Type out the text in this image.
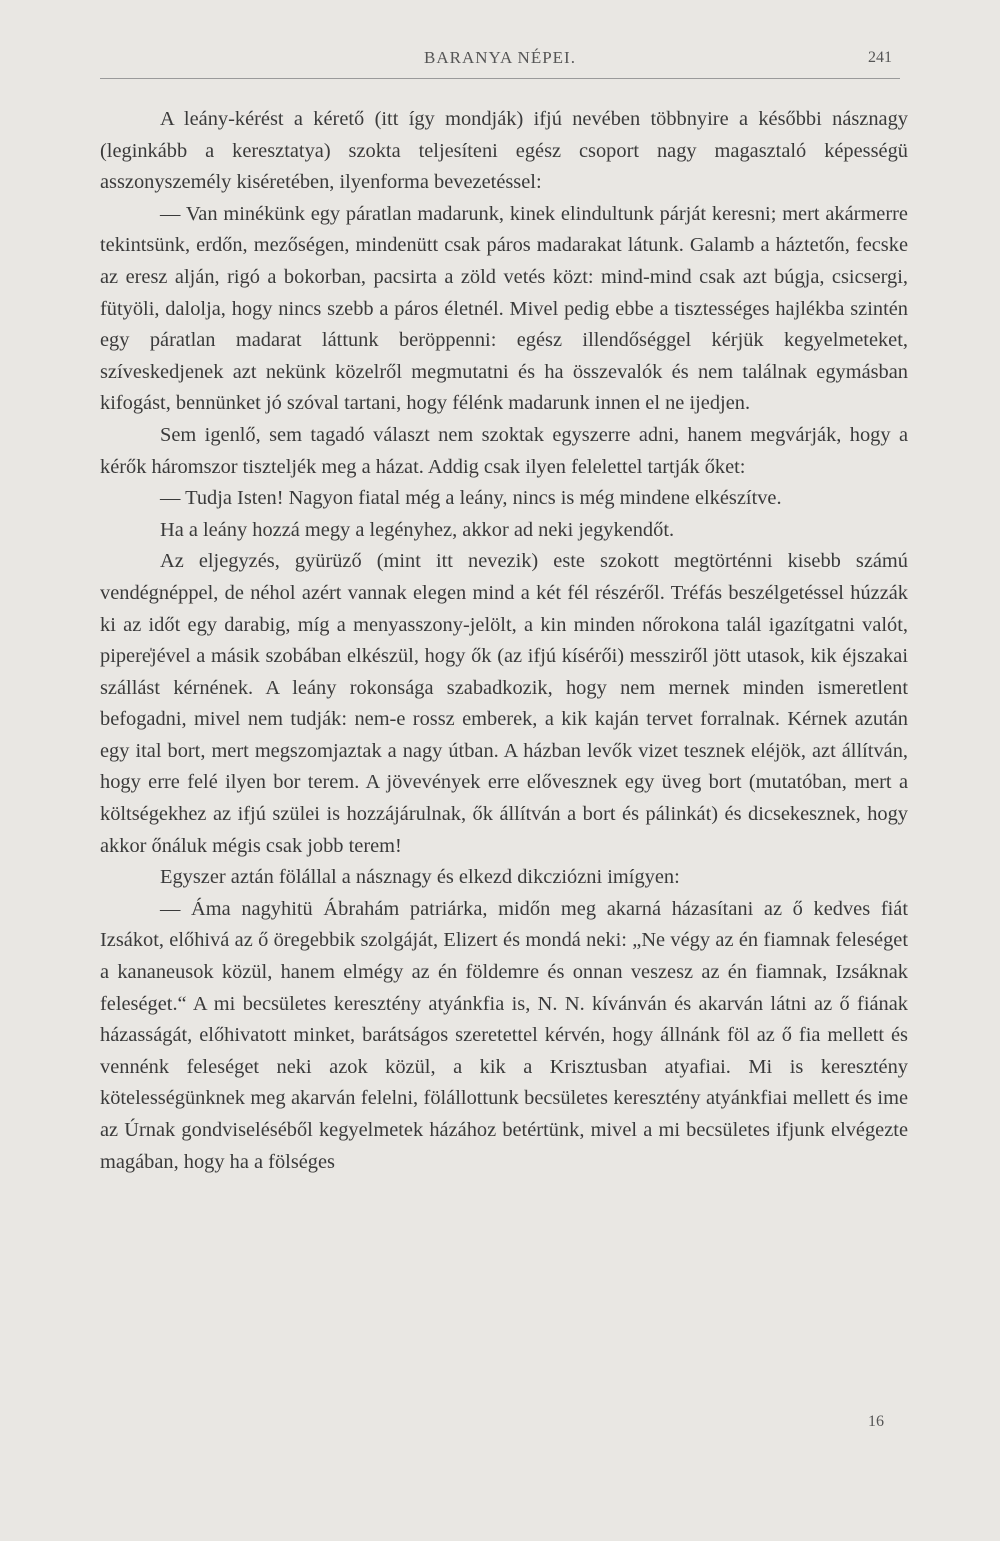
BARANYA NÉPEI.	241

A leány-kérést a kérető (itt így mondják) ifjú nevében többnyire a későbbi násznagy (leginkább a keresztatya) szokta teljesíteni egész csoport nagy magasztaló képességü asszonyszemély kiséretében, ilyenforma bevezetéssel:

— Van minékünk egy páratlan madarunk, kinek elindultunk párját keresni; mert akármerre tekintsünk, erdőn, mezőségen, mindenütt csak páros madarakat látunk. Galamb a háztetőn, fecske az eresz alján, rigó a bokorban, pacsirta a zöld vetés közt: mind-mind csak azt búgja, csicsergi, fütyöli, dalolja, hogy nincs szebb a páros életnél. Mivel pedig ebbe a tisztességes hajlékba szintén egy páratlan madarat láttunk beröppenni: egész illendőséggel kérjük kegyelmeteket, szíveskedjenek azt nekünk közelről megmutatni és ha összevalók és nem találnak egymásban kifogást, bennünket jó szóval tartani, hogy félénk madarunk innen el ne ijedjen.

Sem igenlő, sem tagadó választ nem szoktak egyszerre adni, hanem megvárják, hogy a kérők háromszor tiszteljék meg a házat. Addig csak ilyen felelettel tartják őket:

— Tudja Isten! Nagyon fiatal még a leány, nincs is még mindene elkészítve.

Ha a leány hozzá megy a legényhez, akkor ad neki jegykendőt.

Az eljegyzés, gyürüző (mint itt nevezik) este szokott megtörténni kisebb számú vendégnéppel, de néhol azért vannak elegen mind a két fél részéről. Tréfás beszélgetéssel húzzák ki az időt egy darabig, míg a menyasszony-jelölt, a kin minden nőrokona talál igazítgatni valót, pipere̍jével a másik szobában elkészül, hogy ők (az ifjú kísérői) messziről jött utasok, kik éjszakai szállást kérnének. A leány rokonsága szabadkozik, hogy nem mernek minden ismeretlent befogadni, mivel nem tudják: nem-e rossz emberek, a kik kaján tervet forralnak. Kérnek azután egy ital bort, mert megszomjaztak a nagy útban. A házban levők vizet tesznek eléjök, azt állítván, hogy erre felé ilyen bor terem. A jövevények erre elővesznek egy üveg bort (mutatóban, mert a költségekhez az ifjú szülei is hozzájárulnak, ők állítván a bort és pálinkát) és dicsekesznek, hogy akkor őnáluk mégis csak jobb terem!

Egyszer aztán fölállal a násznagy és elkezd dikcziózni imígyen:

— Áma nagyhitü Ábrahám patriárka, midőn meg akarná házasítani az ő kedves fiát Izsákot, előhivá az ő öregebbik szolgáját, Elizert és mondá neki: „Ne végy az én fiamnak feleséget a kananeusok közül, hanem elmégy az én földemre és onnan veszesz az én fiamnak, Izsáknak feleséget.“ A mi becsületes keresztény atyánkfia is, N. N. kívánván és akarván látni az ő fiának házasságát, előhivatott minket, barátságos szeretettel kérvén, hogy állnánk föl az ő fia mellett és vennénk feleséget neki azok közül, a kik a Krisztusban atyafiai. Mi is keresztény kötelességünknek meg akarván felelni, fölállottunk becsületes keresztény atyánkfiai mellett és ime az Úrnak gondviseléséből kegyelmetek házához betértünk, mivel a mi becsületes ifjunk elvégezte magában, hogy ha a fölséges

16
